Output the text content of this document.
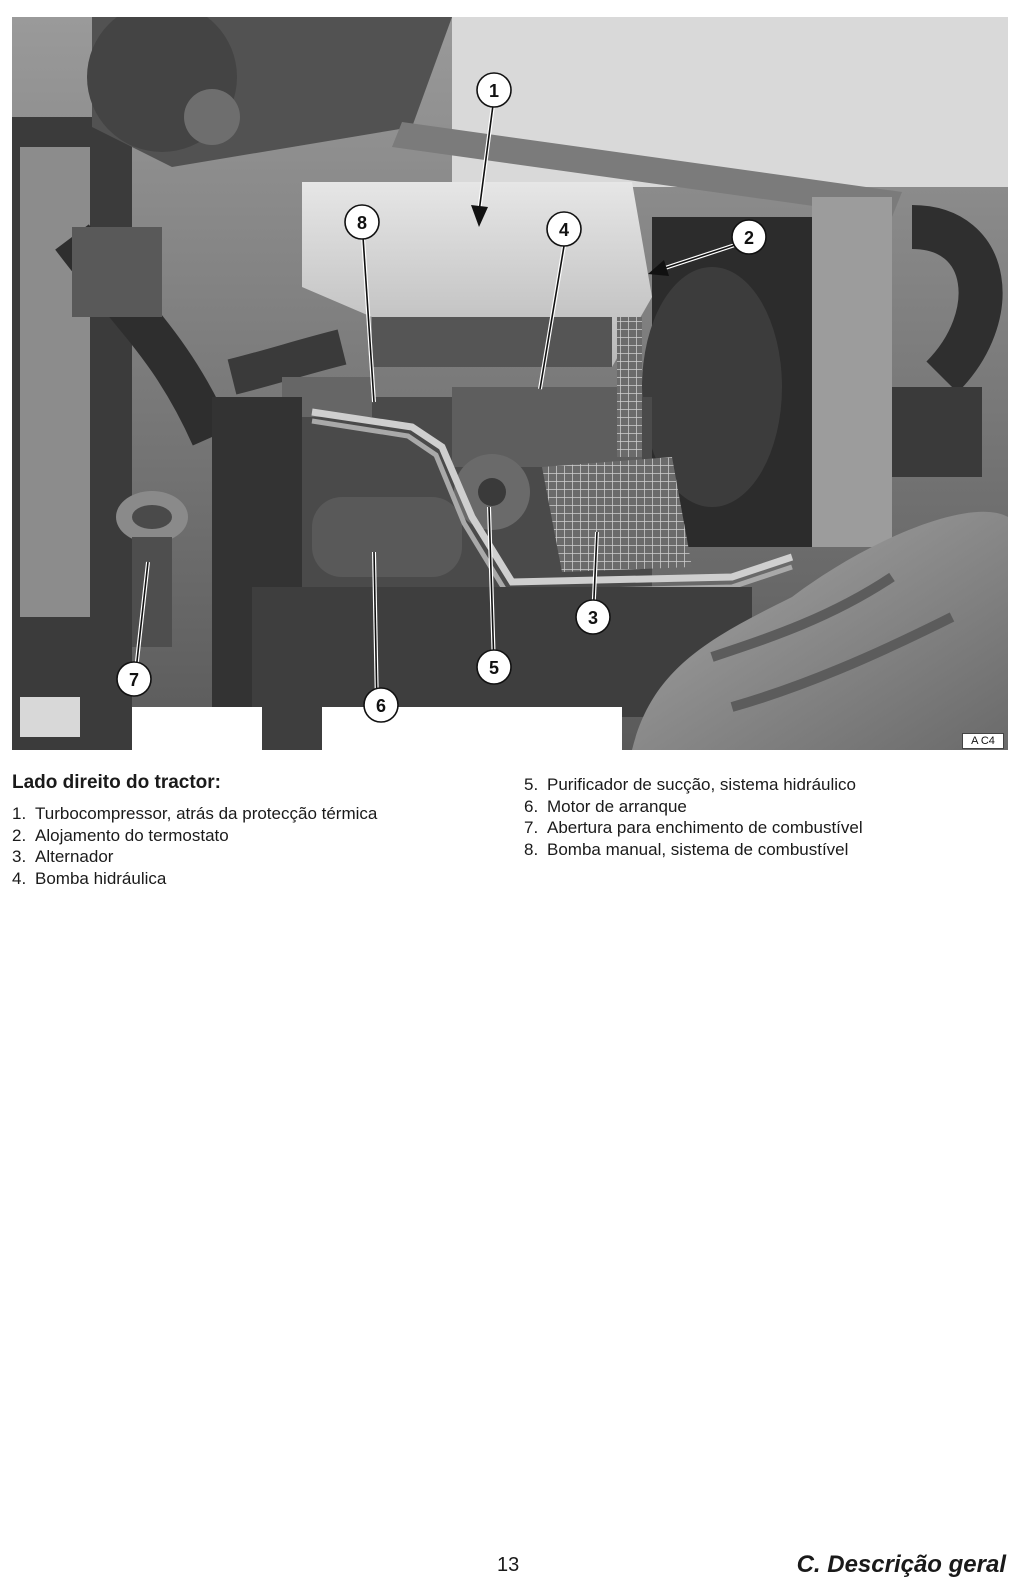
1
2
3
4
5
6
7
8
A C4
Lado direito do tractor:
1. Turbocompressor, atrás da protecção térmica
2. Alojamento do termostato
3. Alternador
4. Bomba hidráulica
5. Purificador de sucção, sistema hidráulico
6. Motor de arranque
7. Abertura para enchimento de combustível
8. Bomba manual, sistema de combustível
13	C. Descrição geral
